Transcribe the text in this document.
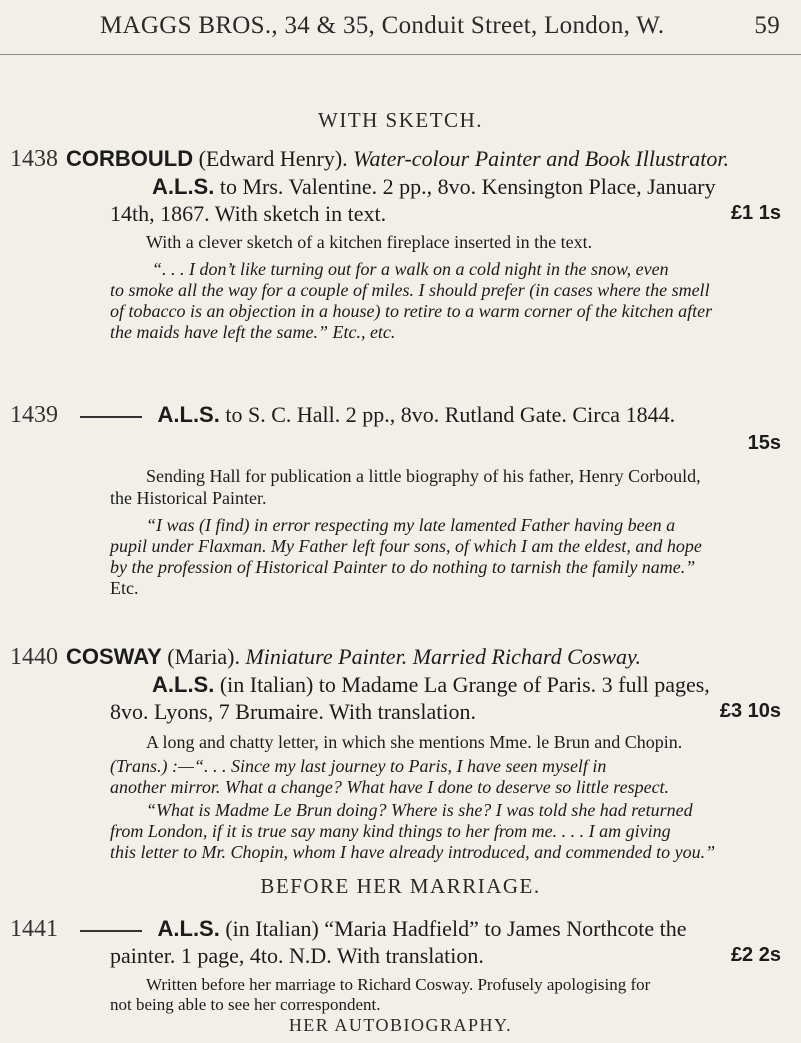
MAGGS BROS., 34 & 35, Conduit Street, London, W.	59
WITH SKETCH.
1438 CORBOULD (Edward Henry). Water-colour Painter and Book Illustrator.
A.L.S. to Mrs. Valentine. 2 pp., 8vo. Kensington Place, January
14th, 1867. With sketch in text.	£1 1s
With a clever sketch of a kitchen fireplace inserted in the text.
“. . . I don’t like turning out for a walk on a cold night in the snow, even
to smoke all the way for a couple of miles. I should prefer (in cases where the smell
of tobacco is an objection in a house) to retire to a warm corner of the kitchen after
the maids have left the same.” Etc., etc.
1439	A.L.S. to S. C. Hall. 2 pp., 8vo. Rutland Gate. Circa 1844.
15s
Sending Hall for publication a little biography of his father, Henry Corbould,
the Historical Painter.
“I was (I find) in error respecting my late lamented Father having been a
pupil under Flaxman. My Father left four sons, of which I am the eldest, and hope
by the profession of Historical Painter to do nothing to tarnish the family name.”
Etc.
1440 COSWAY (Maria). Miniature Painter. Married Richard Cosway.
A.L.S. (in Italian) to Madame La Grange of Paris. 3 full pages,
8vo. Lyons, 7 Brumaire. With translation.	£3 10s
A long and chatty letter, in which she mentions Mme. le Brun and Chopin.
(Trans.) :—“. . . Since my last journey to Paris, I have seen myself in
another mirror. What a change? What have I done to deserve so little respect.
“What is Madme Le Brun doing? Where is she? I was told she had returned
from London, if it is true say many kind things to her from me. . . . I am giving
this letter to Mr. Chopin, whom I have already introduced, and commended to you.”
BEFORE HER MARRIAGE.
1441	A.L.S. (in Italian) “Maria Hadfield” to James Northcote the
painter. 1 page, 4to. N.D. With translation.	£2 2s
Written before her marriage to Richard Cosway. Profusely apologising for
not being able to see her correspondent.
HER AUTOBIOGRAPHY.
